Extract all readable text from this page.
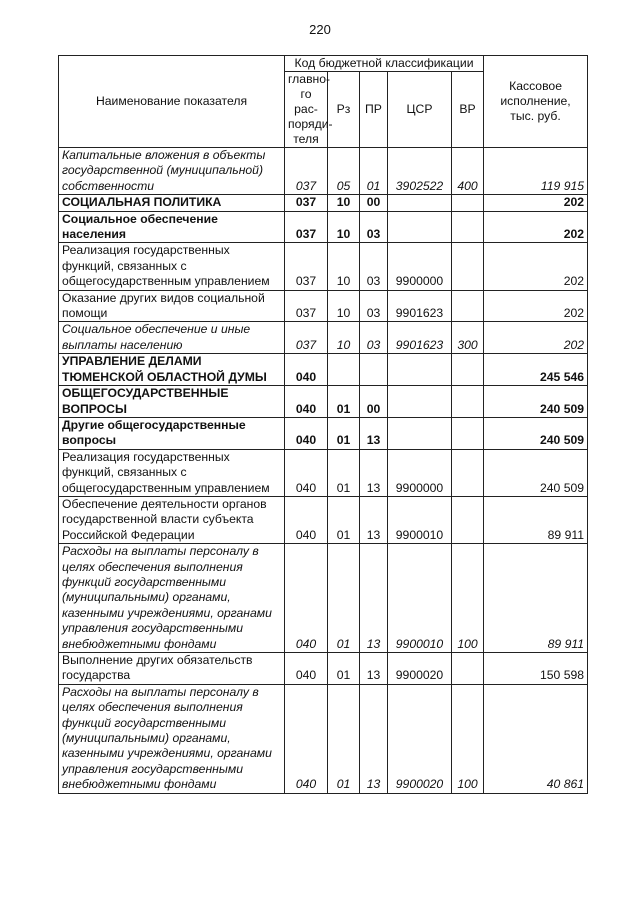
220
Наименование показателя	Код бюджетной классификации					Кассовое исполнение, тыс. руб.
	главно-го рас-поряди-теля	Рз	ПР	ЦСР	ВР	
Капитальные вложения в объекты государственной (муниципальной) собственности	037	05	01	3902522	400	119 915
СОЦИАЛЬНАЯ ПОЛИТИКА	037	10	00			202
Социальное обеспечение населения	037	10	03			202
Реализация государственных функций, связанных с общегосударственным управлением	037	10	03	9900000		202
Оказание других видов социальной помощи	037	10	03	9901623		202
Социальное обеспечение и иные выплаты населению	037	10	03	9901623	300	202
УПРАВЛЕНИЕ ДЕЛАМИ ТЮМЕНСКОЙ ОБЛАСТНОЙ ДУМЫ	040					245 546
ОБЩЕГОСУДАРСТВЕННЫЕ ВОПРОСЫ	040	01	00			240 509
Другие общегосударственные вопросы	040	01	13			240 509
Реализация государственных функций, связанных с общегосударственным управлением	040	01	13	9900000		240 509
Обеспечение деятельности органов государственной власти субъекта Российской Федерации	040	01	13	9900010		89 911
Расходы на выплаты персоналу в целях обеспечения выполнения функций государственными (муниципальными) органами, казенными учреждениями, органами управления государственными внебюджетными фондами	040	01	13	9900010	100	89 911
Выполнение других обязательств государства	040	01	13	9900020		150 598
Расходы на выплаты персоналу в целях обеспечения выполнения функций государственными (муниципальными) органами, казенными учреждениями, органами управления государственными внебюджетными фондами	040	01	13	9900020	100	40 861
